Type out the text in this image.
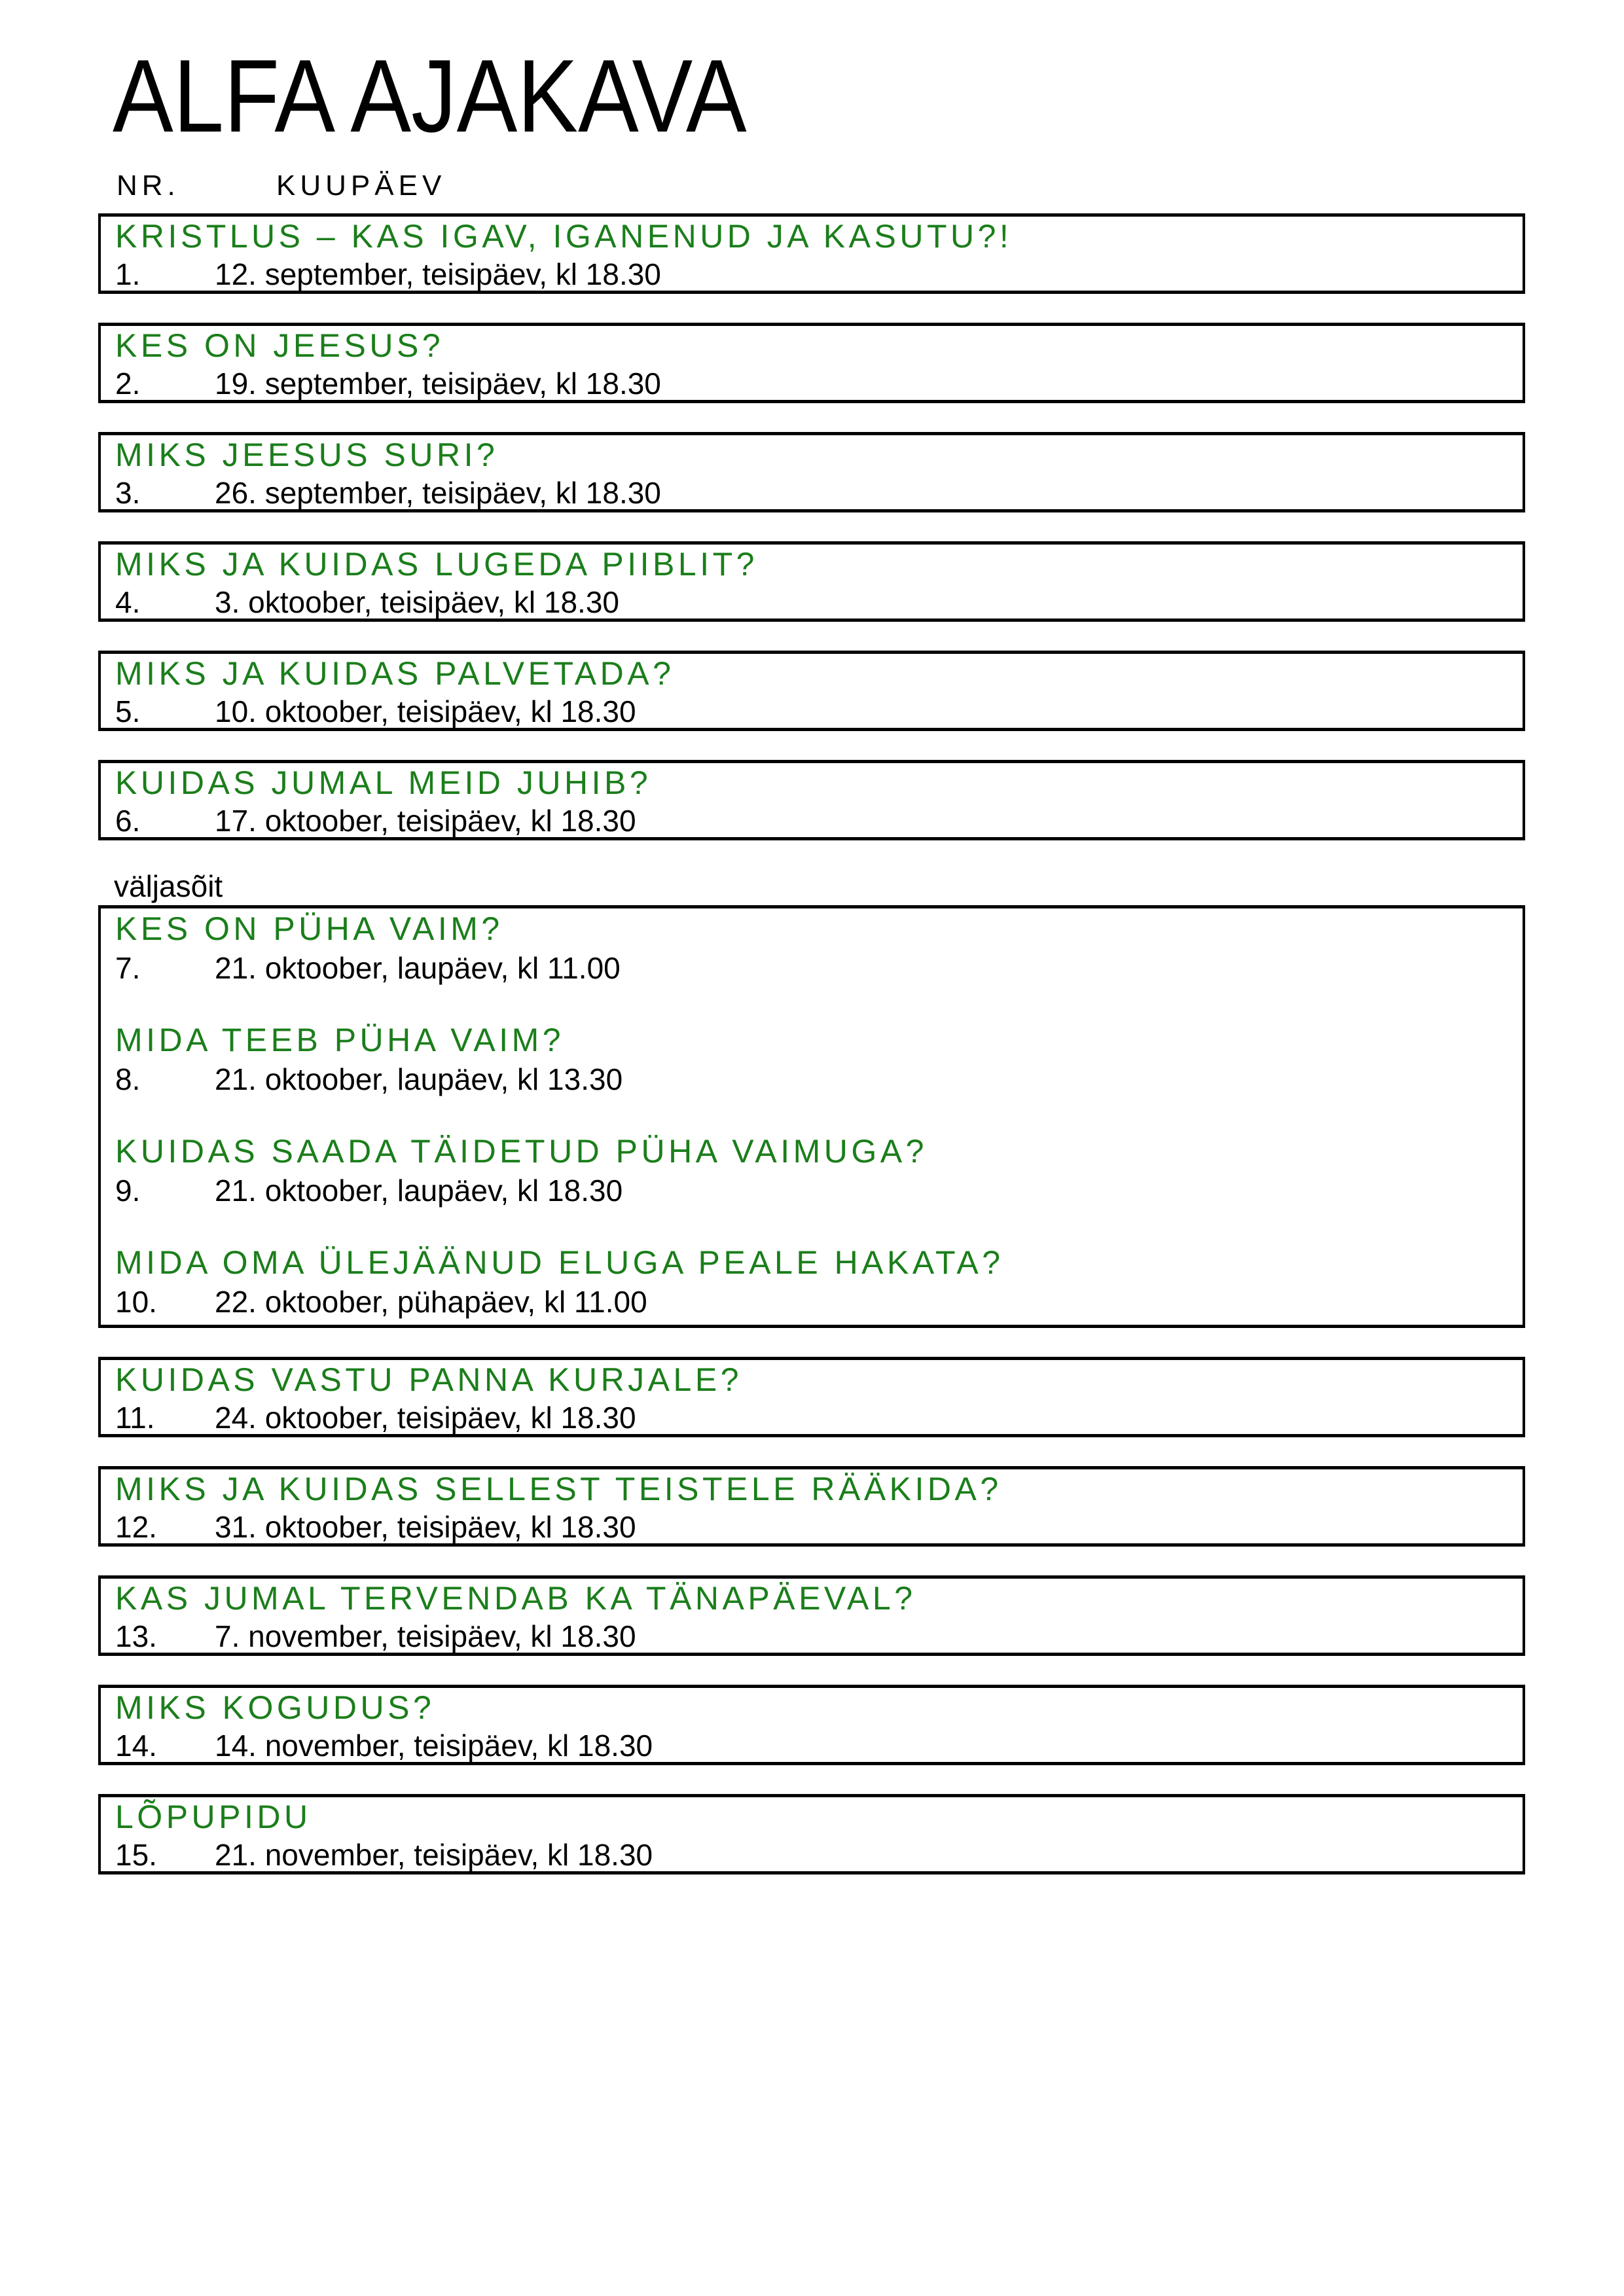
ALFA AJAKAVA
NR.	KUUPÄEV
KRISTLUS – KAS IGAV, IGANENUD JA KASUTU?!
1.	12. september, teisipäev, kl 18.30
KES ON JEESUS?
2.	19. september, teisipäev, kl 18.30
MIKS JEESUS SURI?
3.	26. september, teisipäev, kl 18.30
MIKS JA KUIDAS LUGEDA PIIBLIT?
4.	3. oktoober, teisipäev, kl 18.30
MIKS JA KUIDAS PALVETADA?
5.	10. oktoober, teisipäev, kl 18.30
KUIDAS JUMAL MEID JUHIB?
6.	17. oktoober, teisipäev, kl 18.30

väljasõit

KES ON PÜHA VAIM?
7.	21. oktoober, laupäev, kl 11.00
MIDA TEEB PÜHA VAIM?
8.	21. oktoober, laupäev, kl 13.30
KUIDAS SAADA TÄIDETUD PÜHA VAIMUGA?
9.	21. oktoober, laupäev, kl 18.30
MIDA OMA ÜLEJÄÄNUD ELUGA PEALE HAKATA?
10.	22. oktoober, pühapäev, kl 11.00
KUIDAS VASTU PANNA KURJALE?
11.	24. oktoober, teisipäev, kl 18.30
MIKS JA KUIDAS SELLEST TEISTELE RÄÄKIDA?
12.	31. oktoober, teisipäev, kl 18.30
KAS JUMAL TERVENDAB KA TÄNAPÄEVAL?
13.	7. november, teisipäev, kl 18.30
MIKS KOGUDUS?
14.	14. november, teisipäev, kl 18.30
LÕPUPIDU
15.	21. november, teisipäev, kl 18.30
